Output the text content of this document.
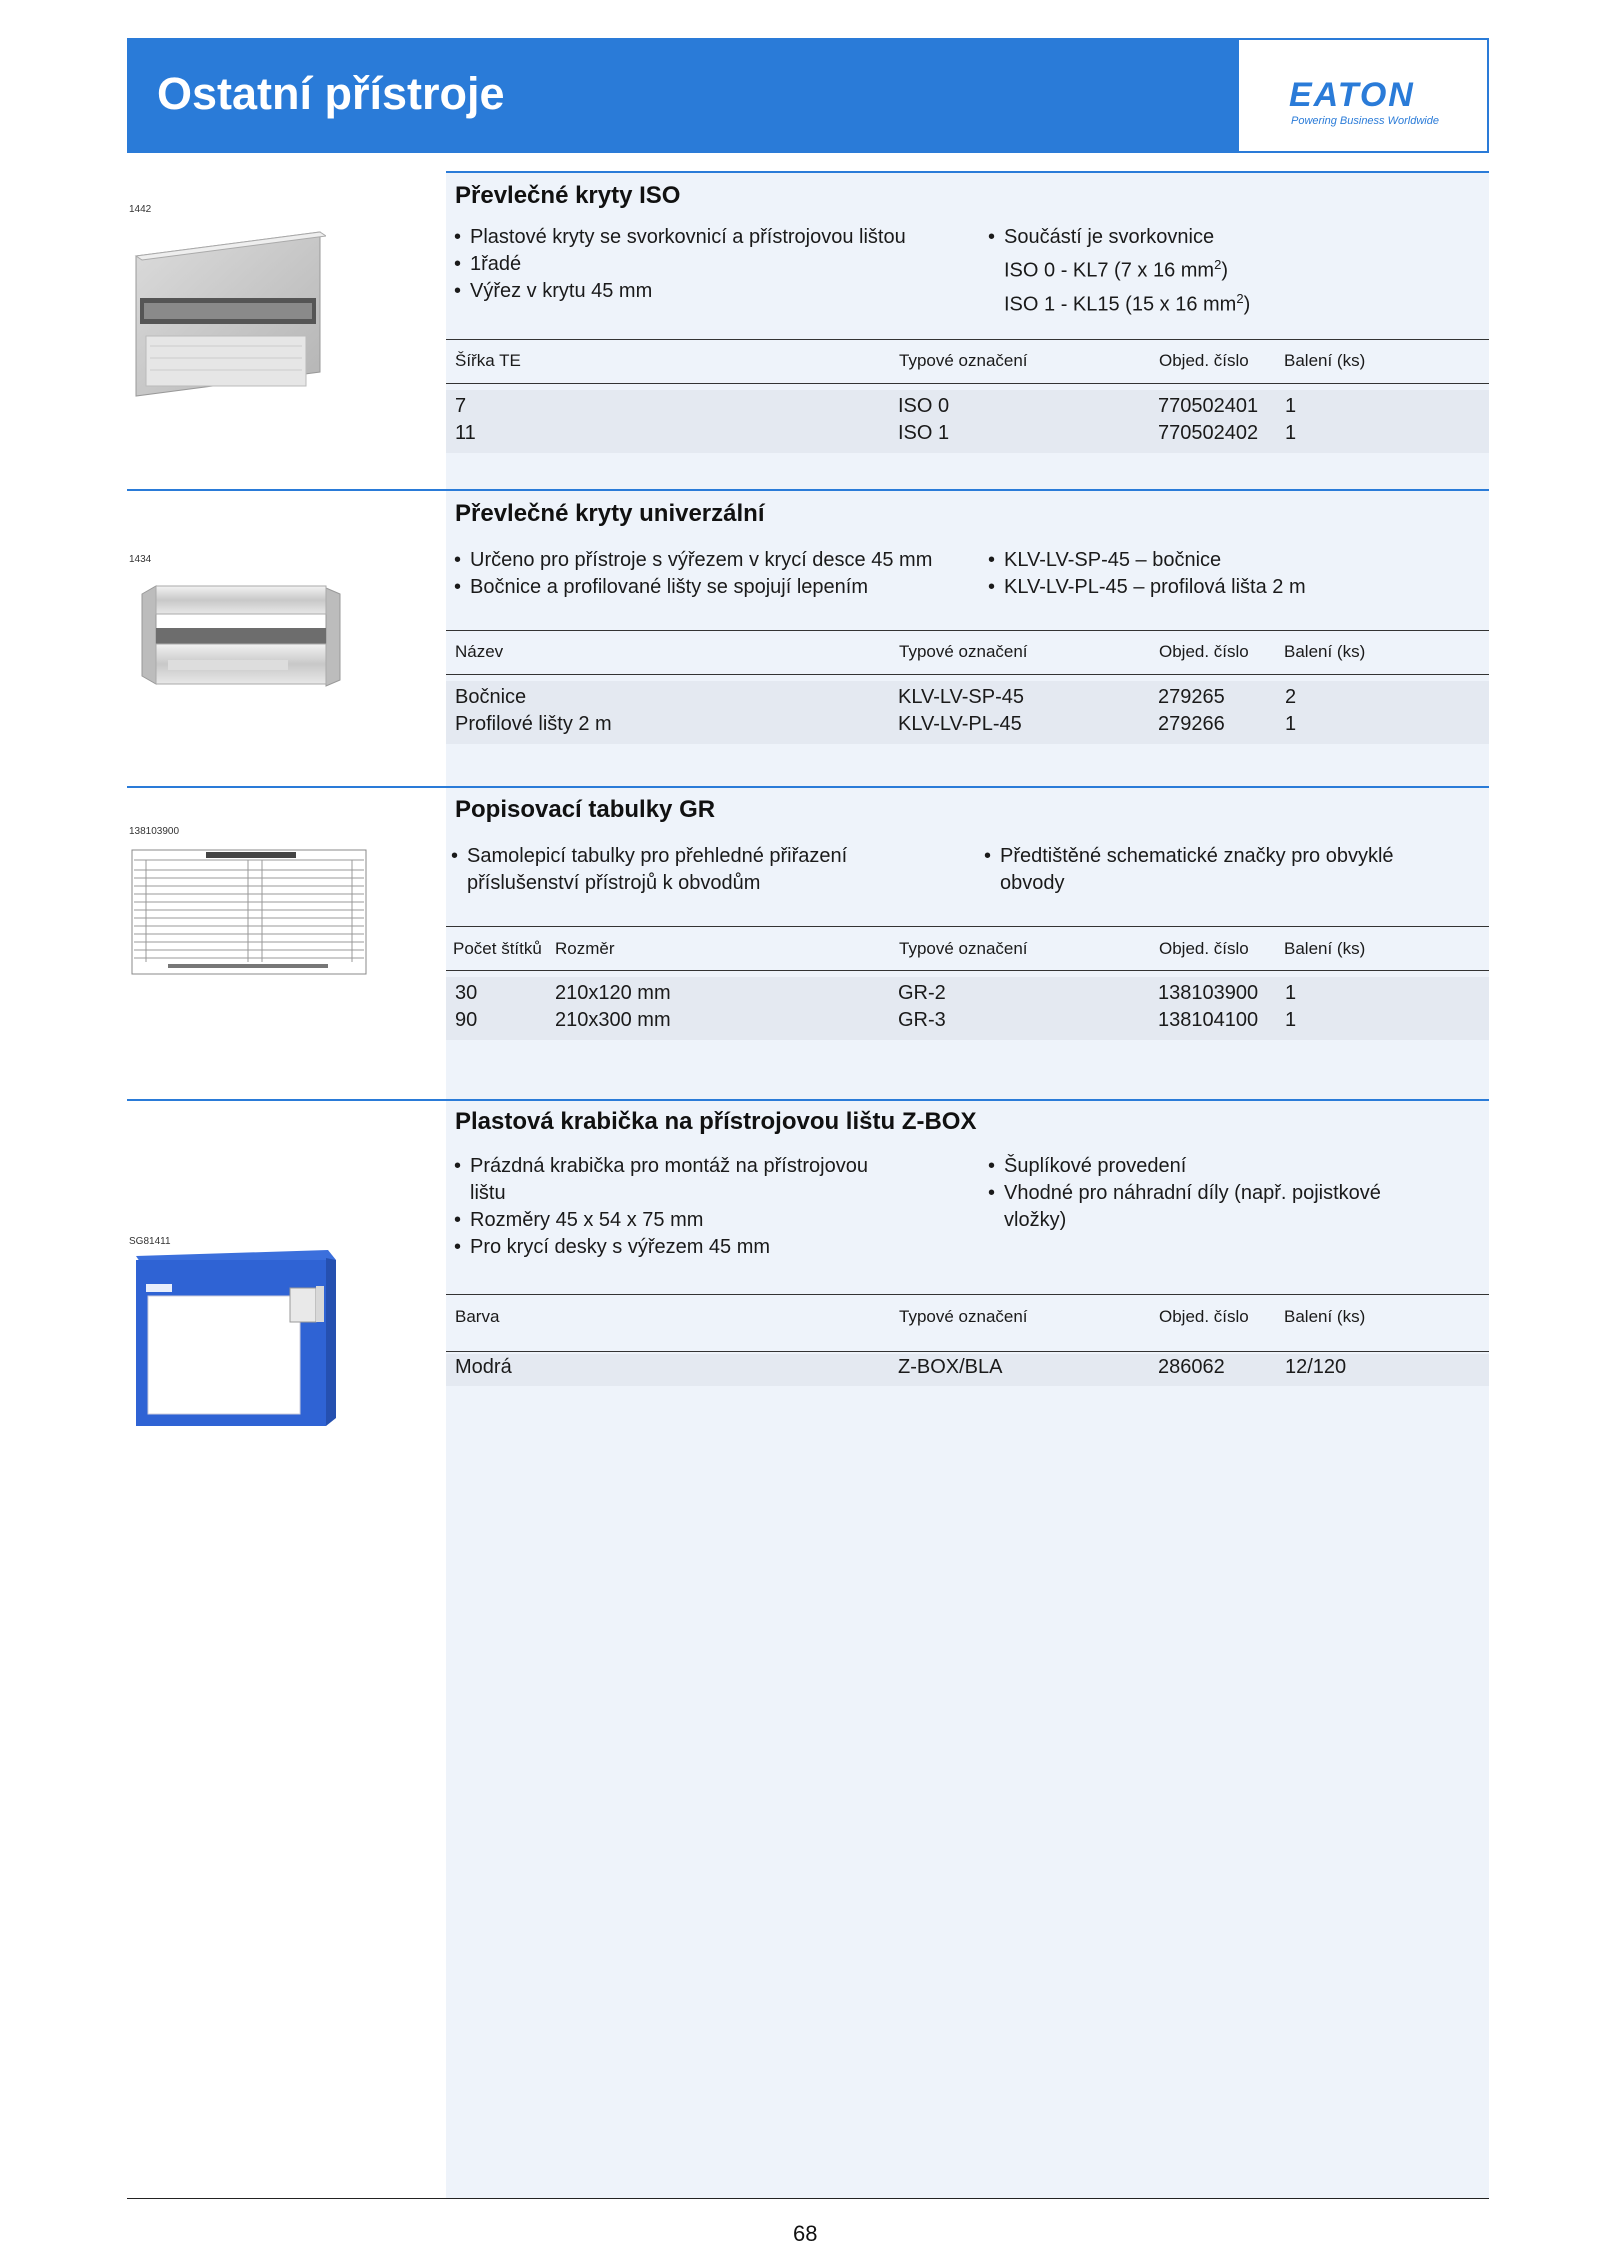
Ostatní přístroje	EATON
Powering Business Worldwide
1442
Převlečné kryty ISO
• Plastové kryty se svorkovnicí a přístrojovou lištou
• 1řadé
• Výřez v krytu 45 mm
• Součástí je svorkovnice
ISO 0 - KL7 (7 x 16 $mm^2$)
ISO 1 - KL15 (15 x 16 $mm^2$)
Šířka TE	Typové označení	Objed. číslo Balení (ks)
7	ISO 0	770502401 1
11	ISO 1	770502402 1
1434
Převlečné kryty univerzální
• Určeno pro přístroje s výřezem v krycí desce 45 mm
• Bočnice a profilované lišty se spojují lepením
• KLV-LV-SP-45 – bočnice
• KLV-LV-PL-45 – profilová lišta 2 m
Název	Typové označení	Objed. číslo Balení (ks)
Bočnice	KLV-LV-SP-45	279265	2
Profilové lišty 2 m	KLV-LV-PL-45	279266	1
138103900
Popisovací tabulky GR
• Samolepicí tabulky pro přehledné přiřazení
příslušenství přístrojů k obvodům
• Předtištěné schematické značky pro obvyklé
obvody
Počet štítků Rozměr	Typové označení	Objed. číslo Balení (ks)
30	210x120 mm	GR-2	138103900 1
90	210x300 mm	GR-3	138104100 1
SG81411
Plastová krabička na přístrojovou lištu Z-BOX
• Prázdná krabička pro montáž na přístrojovou
lištu
• Rozměry 45 x 54 x 75 mm
• Pro krycí desky s výřezem 45 mm
• Šuplíkové provedení
• Vhodné pro náhradní díly (např. pojistkové
vložky)
Barva	Typové označení	Objed. číslo Balení (ks)
Modrá	Z-BOX/BLA	286062	12/120
68
